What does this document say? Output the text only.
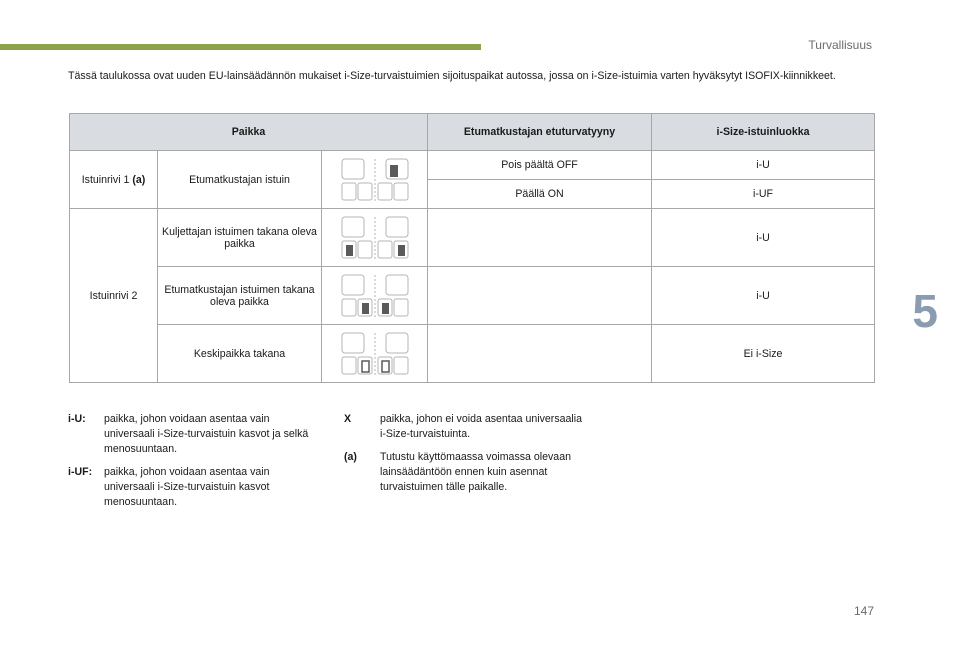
Turvallisuus
5
147
Tässä taulukossa ovat uuden EU-lainsäädännön mukaiset i-Size-turvaistuimien sijoituspaikat autossa, jossa on i-Size-istuimia varten hyväksytyt ISOFIX-kiinnikkeet.
Paikka			Etumatkustajan etuturvatyyny	i-Size-istuinluokka
Istuinrivi 1 (a)	Etumatkustajan istuin		Pois päältä OFF	i-U
			Päällä ON	i-UF
Istuinrivi 2	Kuljettajan istuimen takana oleva paikka			i-U
	Etumatkustajan istuimen takana oleva paikka			i-U
	Keskipaikka takana			Ei i-Size
i-U: paikka, johon voidaan asentaa vain universaali i-Size-turvaistuin kasvot ja selkä menosuuntaan.
i-UF: paikka, johon voidaan asentaa vain universaali i-Size-turvaistuin kasvot menosuuntaan.
X	paikka, johon ei voida asentaa universaalia i-Size-turvaistuinta.
(a) Tutustu käyttömaassa voimassa olevaan lainsäädäntöön ennen kuin asennat turvaistuimen tälle paikalle.
